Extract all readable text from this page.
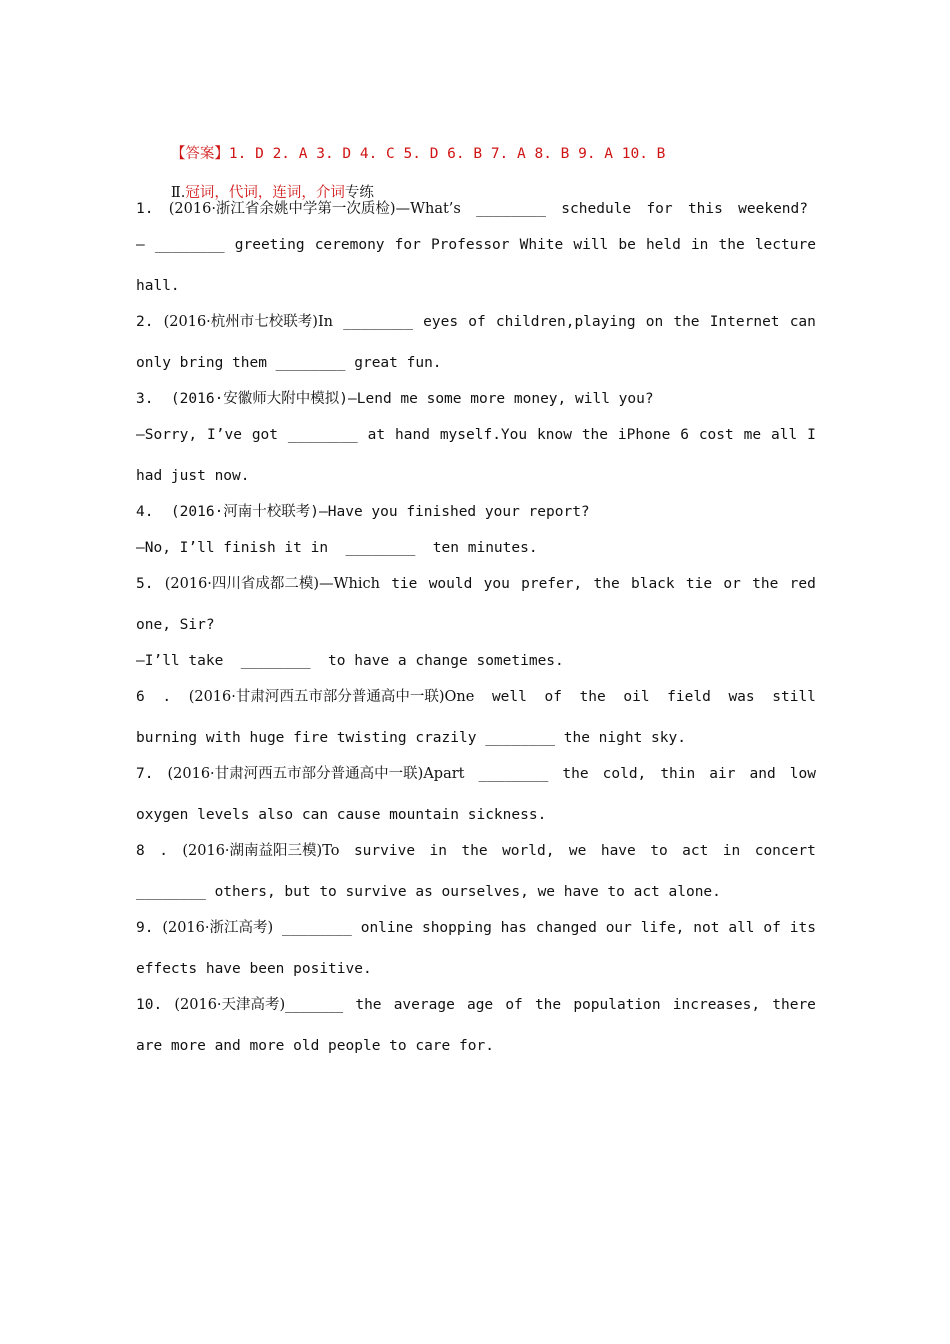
【答案】1. D 2. A 3. D 4. C 5. D 6. B 7. A 8. B 9. A 10. B

Ⅱ.冠词，代词，连词，介词专练

1. (2016·浙江省余姚中学第一次质检)—What’s ________ schedule for this weekend?
— ________ greeting ceremony for Professor White will be held in the lecture
hall.
2. (2016·杭州市七校联考)In ________ eyes of children,playing on the Internet can
only bring them ________ great fun.
3.  (2016·安徽师大附中模拟)—Lend me some more money, will you?
—Sorry, I’ve got ________ at hand myself.You know the iPhone 6 cost me all I
had just now.
4.  (2016·河南十校联考)—Have you finished your report?
—No, I’ll finish it in  ________  ten minutes.
5. (2016·四川省成都二模)—Which tie would you prefer, the black tie or the red
one, Sir?
—I’ll take  ________  to have a change sometimes.
6 . (2016·甘肃河西五市部分普通高中一联)One well of the oil field was still
burning with huge fire twisting crazily ________ the night sky.
7. (2016·甘肃河西五市部分普通高中一联)Apart ________ the cold, thin air and low
oxygen levels also can cause mountain sickness.
8 . (2016·湖南益阳三模)To survive in the world, we have to act in concert
________ others, but to survive as ourselves, we have to act alone.
9. (2016·浙江高考) ________ online shopping has changed our life, not all of its
effects have been positive.
10. (2016·天津高考)________ the average age of the population increases, there
are more and more old people to care for.
